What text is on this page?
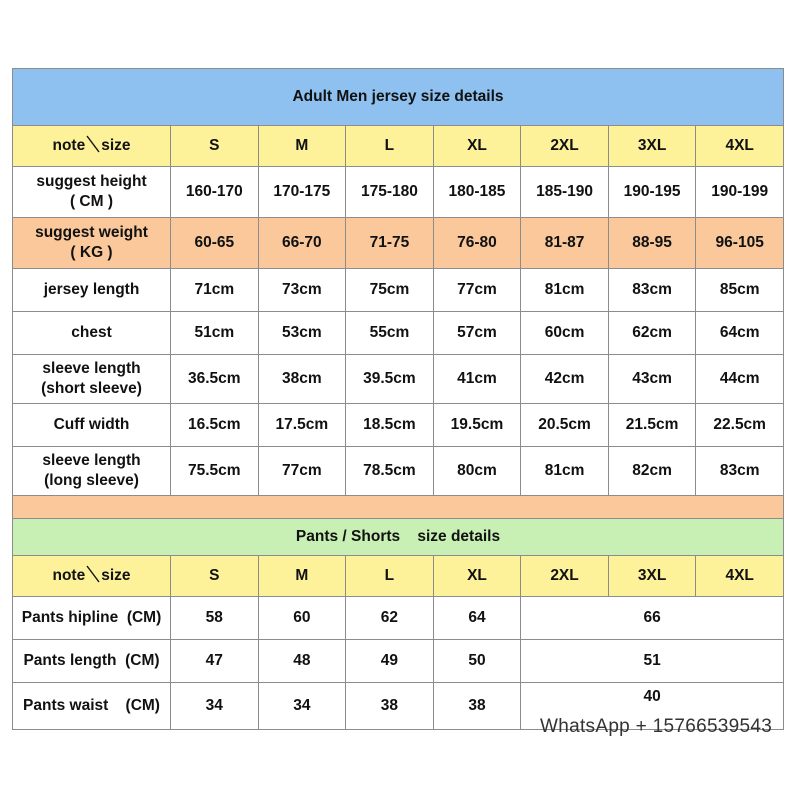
Adult Men jersey size details							
note size	S	M	L	XL	2XL	3XL	4XL
suggest height
( CM )	160-170	170-175	175-180	180-185	185-190	190-195	190-199
suggest weight
( KG )	60-65	66-70	71-75	76-80	81-87	88-95	96-105
jersey length	71cm	73cm	75cm	77cm	81cm	83cm	85cm
chest	51cm	53cm	55cm	57cm	60cm	62cm	64cm
sleeve length
(short sleeve)	36.5cm	38cm	39.5cm	41cm	42cm	43cm	44cm
Cuff width	16.5cm	17.5cm	18.5cm	19.5cm	20.5cm	21.5cm	22.5cm
sleeve length
(long sleeve)	75.5cm	77cm	78.5cm	80cm	81cm	82cm	83cm

Pants / Shorts    size details							
note size	S	M	L	XL	2XL	3XL	4XL
Pants hipline  (CM)	58	60	62	64	66		
Pants length  (CM)	47	48	49	50	51		
Pants waist    (CM)	34	34	38	38	40		
WhatsApp + 15766539543
